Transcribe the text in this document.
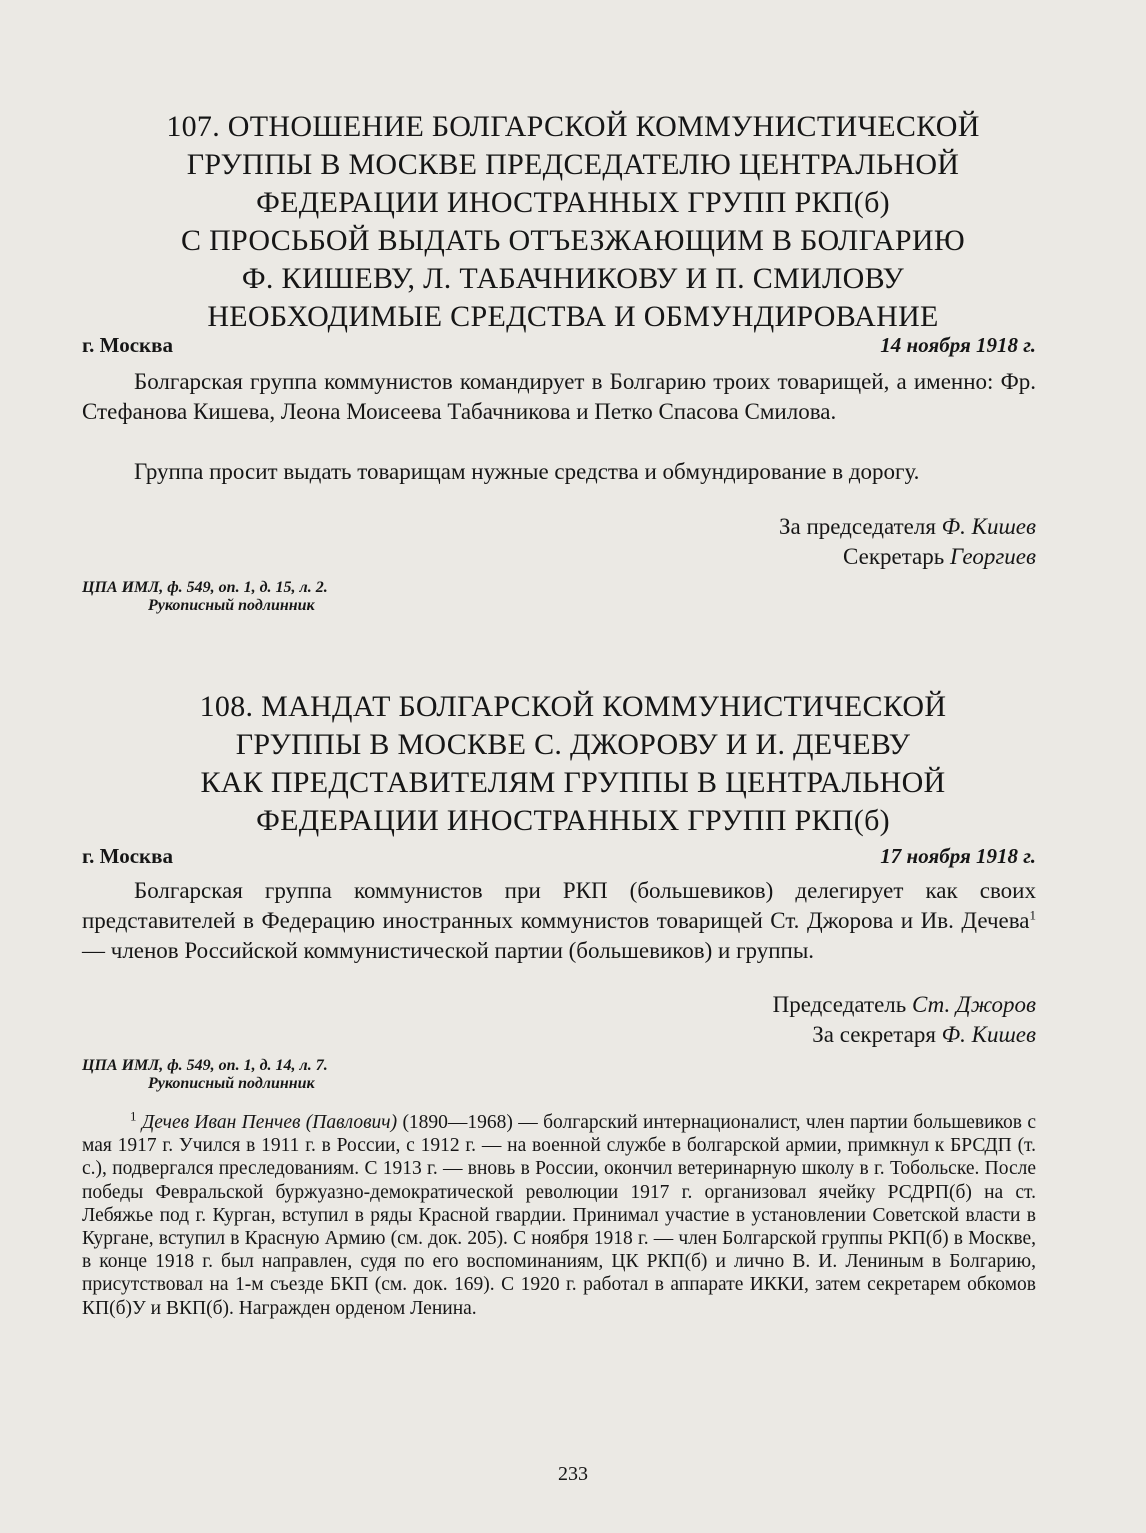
107. ОТНОШЕНИЕ БОЛГАРСКОЙ КОММУНИСТИЧЕСКОЙ
ГРУППЫ В МОСКВЕ ПРЕДСЕДАТЕЛЮ ЦЕНТРАЛЬНОЙ
ФЕДЕРАЦИИ ИНОСТРАННЫХ ГРУПП РКП(б)
С ПРОСЬБОЙ ВЫДАТЬ ОТЪЕЗЖАЮЩИМ В БОЛГАРИЮ
Ф. КИШЕВУ, Л. ТАБАЧНИКОВУ И П. СМИЛОВУ
НЕОБХОДИМЫЕ СРЕДСТВА И ОБМУНДИРОВАНИЕ
г. Москва	14 ноября 1918 г.

Болгарская группа коммунистов командирует в Болгарию троих товарищей, а именно: Фр. Стефанова Кишева, Леона Моисеева Табачникова и Петко Спасова Смилова.

Группа просит выдать товарищам нужные средства и обмундирование в дорогу.

За председателя Ф. Кишев
Секретарь Георгиев
ЦПА ИМЛ, ф. 549, оп. 1, д. 15, л. 2.
Рукописный подлинник
108. МАНДАТ БОЛГАРСКОЙ КОММУНИСТИЧЕСКОЙ
ГРУППЫ В МОСКВЕ С. ДЖОРОВУ И И. ДЕЧЕВУ
КАК ПРЕДСТАВИТЕЛЯМ ГРУППЫ В ЦЕНТРАЛЬНОЙ
ФЕДЕРАЦИИ ИНОСТРАННЫХ ГРУПП РКП(б)
г. Москва	17 ноября 1918 г.

Болгарская группа коммунистов при РКП (большевиков) делегирует как своих представителей в Федерацию иностранных коммунистов товарищей Ст. Джорова и Ив. Дечева$^1$ — членов Российской коммунистической партии (большевиков) и группы.

Председатель Ст. Джоров
За секретаря Ф. Кишев
ЦПА ИМЛ, ф. 549, оп. 1, д. 14, л. 7.
Рукописный подлинник

$^1$ Дечев Иван Пенчев (Павлович) (1890—1968) — болгарский интернационалист, член партии большевиков с мая 1917 г. Учился в 1911 г. в России, с 1912 г. — на военной службе в болгарской армии, примкнул к БРСДП (т. с.), подвергался преследованиям. С 1913 г. — вновь в России, окончил ветеринарную школу в г. Тобольске. После победы Февральской буржуазно-демократической революции 1917 г. организовал ячейку РСДРП(б) на ст. Лебяжье под г. Курган, вступил в ряды Красной гвардии. Принимал участие в установлении Советской власти в Кургане, вступил в Красную Армию (см. док. 205). С ноября 1918 г. — член Болгарской группы РКП(б) в Москве, в конце 1918 г. был направлен, судя по его воспоминаниям, ЦК РКП(б) и лично В. И. Лениным в Болгарию, присутствовал на 1-м съезде БКП (см. док. 169). С 1920 г. работал в аппарате ИККИ, затем секретарем обкомов КП(б)У и ВКП(б). Награжден орденом Ленина.

233
